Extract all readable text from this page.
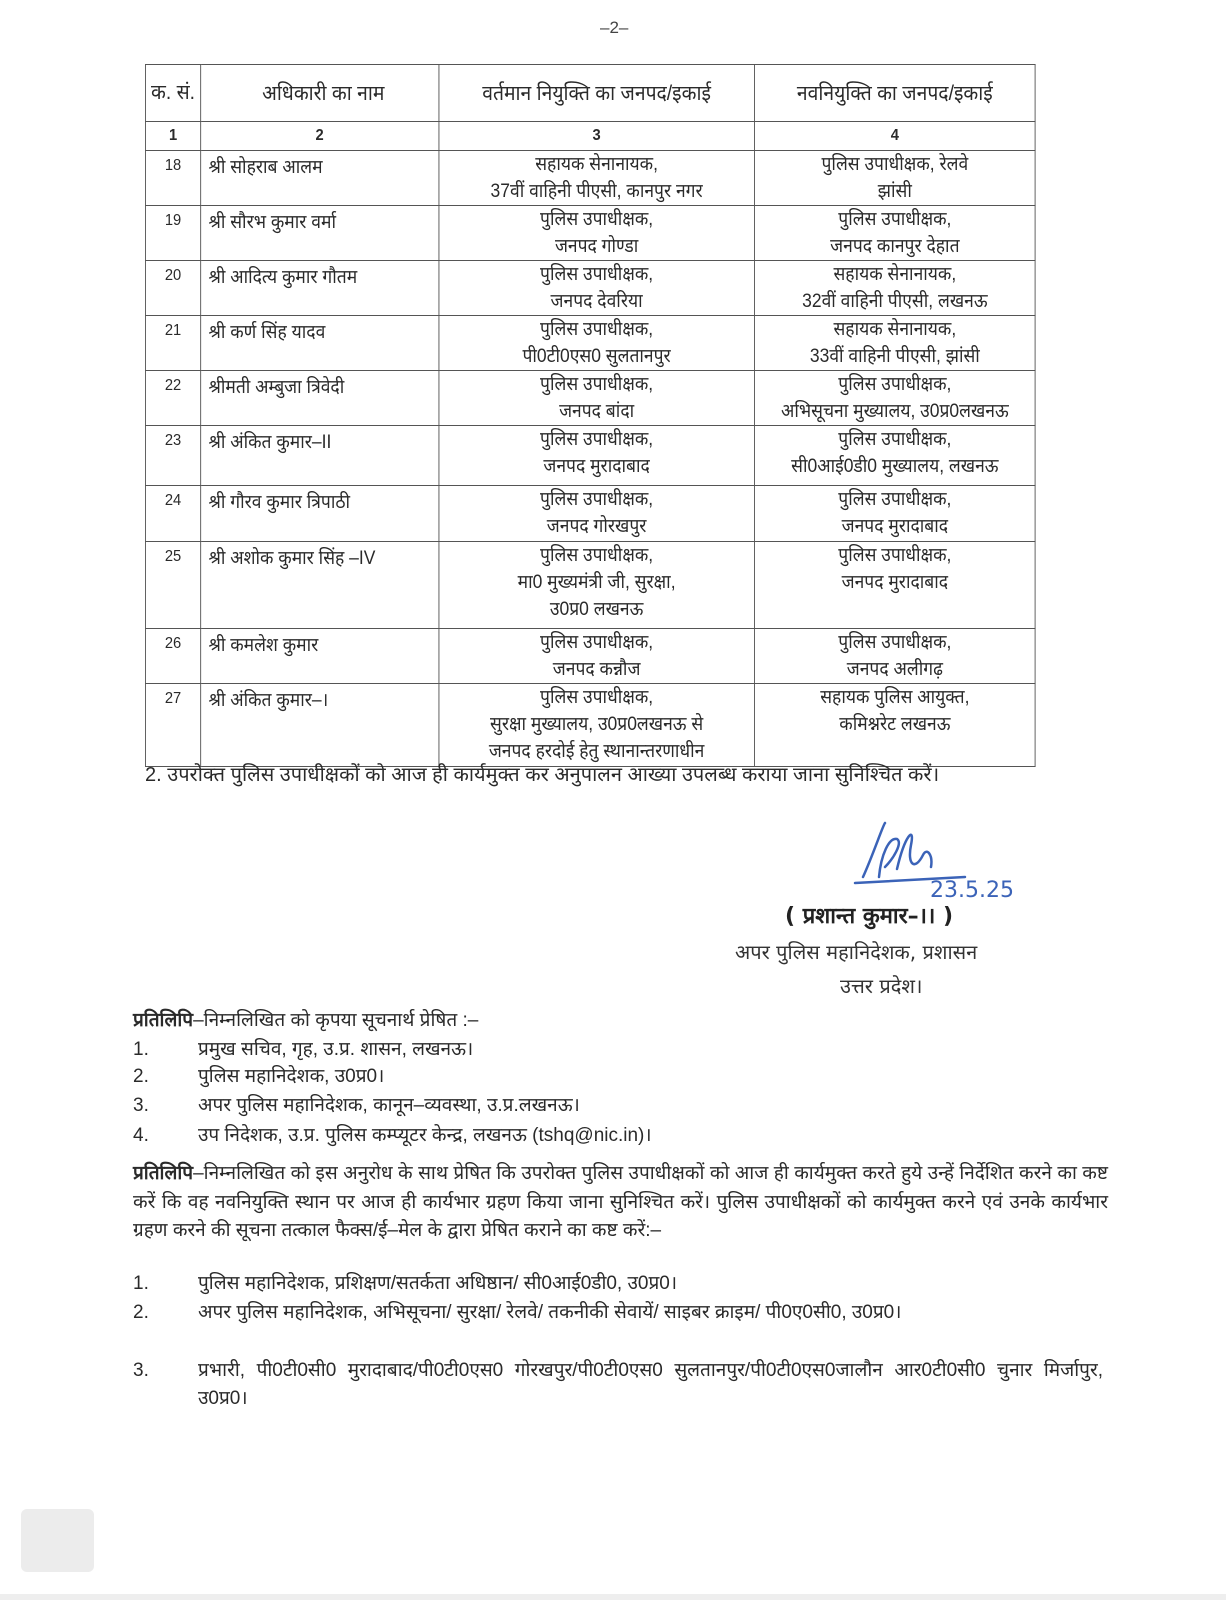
–2–
क. सं.	अधिकारी का नाम	वर्तमान नियुक्ति का जनपद/इकाई	नवनियुक्ति का जनपद/इकाई
1	2	3	4
18	श्री सोहराब आलम	सहायक सेनानायक,
37वीं वाहिनी पीएसी, कानपुर नगर	पुलिस उपाधीक्षक, रेलवे
झांसी

19	श्री सौरभ कुमार वर्मा	पुलिस उपाधीक्षक,
जनपद गोण्डा	पुलिस उपाधीक्षक,
जनपद कानपुर देहात

20	श्री आदित्य कुमार गौतम	पुलिस उपाधीक्षक,
जनपद देवरिया	सहायक सेनानायक,
32वीं वाहिनी पीएसी, लखनऊ

21	श्री कर्ण सिंह यादव	पुलिस उपाधीक्षक,
पी0टी0एस0 सुलतानपुर	सहायक सेनानायक,
33वीं वाहिनी पीएसी, झांसी

22	श्रीमती अम्बुजा त्रिवेदी	पुलिस उपाधीक्षक,
जनपद बांदा	पुलिस उपाधीक्षक,
अभिसूचना मुख्यालय, उ0प्र0लखनऊ

23	श्री अंकित कुमार–II	पुलिस उपाधीक्षक,
जनपद मुरादाबाद	पुलिस उपाधीक्षक,
सी0आई0डी0 मुख्यालय, लखनऊ

24	श्री गौरव कुमार त्रिपाठी	पुलिस उपाधीक्षक,
जनपद गोरखपुर	पुलिस उपाधीक्षक,
जनपद मुरादाबाद

25	श्री अशोक कुमार सिंह –IV	पुलिस उपाधीक्षक,
मा0 मुख्यमंत्री जी, सुरक्षा,
उ0प्र0 लखनऊ	पुलिस उपाधीक्षक,
जनपद मुरादाबाद

26	श्री कमलेश कुमार	पुलिस उपाधीक्षक,
जनपद कन्नौज	पुलिस उपाधीक्षक,
जनपद अलीगढ़

27	श्री अंकित कुमार–।	पुलिस उपाधीक्षक,
सुरक्षा मुख्यालय, उ0प्र0लखनऊ से
जनपद हरदोई हेतु स्थानान्तरणाधीन	सहायक पुलिस आयुक्त,
कमिश्नरेट लखनऊ
2. उपरोक्त पुलिस उपाधीक्षकों को आज ही कार्यमुक्त कर अनुपालन आख्या उपलब्ध कराया जाना सुनिश्चित करें।
23.5.25
( प्रशान्त कुमार–।। )
अपर पुलिस महानिदेशक, प्रशासन
उत्तर प्रदेश।
प्रतिलिपि–निम्नलिखित को कृपया सूचनार्थ प्रेषित :–
1.	प्रमुख सचिव, गृह, उ.प्र. शासन, लखनऊ।
2.	पुलिस महानिदेशक, उ0प्र0।
3.	अपर पुलिस महानिदेशक, कानून–व्यवस्था, उ.प्र.लखनऊ।
4.	उप निदेशक, उ.प्र. पुलिस कम्प्यूटर केन्द्र, लखनऊ (tshq@nic.in)।
प्रतिलिपि–निम्नलिखित को इस अनुरोध के साथ प्रेषित कि उपरोक्त पुलिस उपाधीक्षकों को आज ही कार्यमुक्त करते हुये उन्हें निर्देशित करने का कष्ट करें कि वह नवनियुक्ति स्थान पर आज ही कार्यभार ग्रहण किया जाना सुनिश्चित करें। पुलिस उपाधीक्षकों को कार्यमुक्त करने एवं उनके कार्यभार ग्रहण करने की सूचना तत्काल फैक्स/ई–मेल के द्वारा प्रेषित कराने का कष्ट करें:–
1.	पुलिस महानिदेशक, प्रशिक्षण/सतर्कता अधिष्ठान/ सी0आई0डी0, उ0प्र0।
2.	अपर पुलिस महानिदेशक, अभिसूचना/ सुरक्षा/ रेलवे/ तकनीकी सेवायें/ साइबर क्राइम/ पी0ए0सी0, उ0प्र0।
3.	प्रभारी, पी0टी0सी0 मुरादाबाद/पी0टी0एस0 गोरखपुर/पी0टी0एस0 सुलतानपुर/पी0टी0एस0जालौन आर0टी0सी0 चुनार मिर्जापुर, उ0प्र0।
